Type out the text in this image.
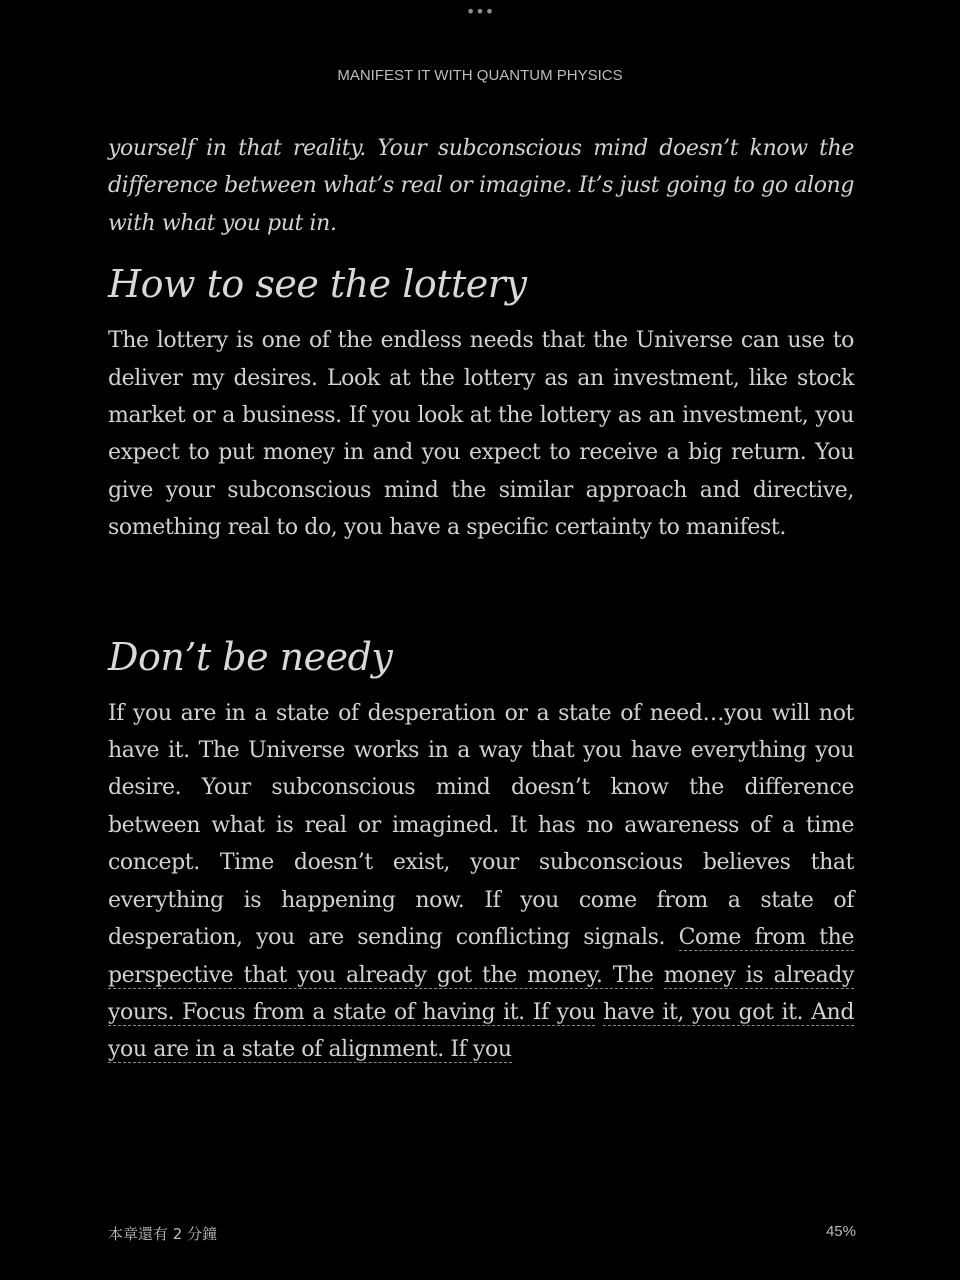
•••
MANIFEST IT WITH QUANTUM PHYSICS

yourself in that reality. Your subconscious mind doesn’t know the difference between what’s real or imagine. It’s just going to go along with what you put in.

How to see the lottery

The lottery is one of the endless needs that the Universe can use to deliver my desires. Look at the lottery as an investment, like stock market or a business. If you look at the lottery as an investment, you expect to put money in and you expect to receive a big return. You give your subconscious mind the similar approach and directive, something real to do, you have a specific certainty to manifest.

Don’t be needy

If you are in a state of desperation or a state of need…you will not have it. The Universe works in a way that you have everything you desire. Your subconscious mind doesn’t know the difference between what is real or imagined. It has no awareness of a time concept. Time doesn’t exist, your subconscious believes that everything is happening now. If you come from a state of desperation, you are sending conflicting signals. Come from the perspective that you already got the money. The money is already yours. Focus from a state of having it. If you have it, you got it. And you are in a state of alignment. If you

本章還有 2 分鐘	45%
